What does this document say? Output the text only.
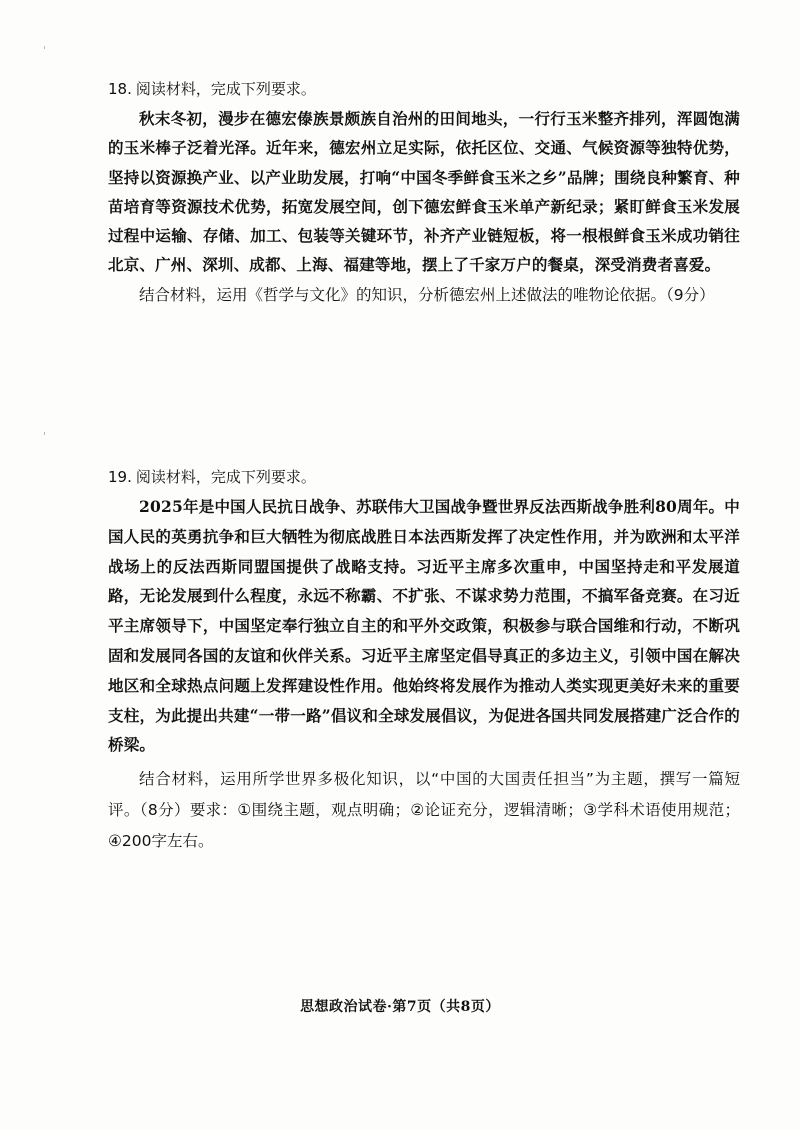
18. 阅读材料，完成下列要求。

秋末冬初，漫步在德宏傣族景颇族自治州的田间地头，一行行玉米整齐排列，浑圆饱满的玉米棒子泛着光泽。近年来，德宏州立足实际，依托区位、交通、气候资源等独特优势，坚持以资源换产业、以产业助发展，打响“中国冬季鲜食玉米之乡”品牌；围绕良种繁育、种苗培育等资源技术优势，拓宽发展空间，创下德宏鲜食玉米单产新纪录；紧盯鲜食玉米发展过程中运输、存储、加工、包装等关键环节，补齐产业链短板，将一根根鲜食玉米成功销往北京、广州、深圳、成都、上海、福建等地，摆上了千家万户的餐桌，深受消费者喜爱。

结合材料，运用《哲学与文化》的知识，分析德宏州上述做法的唯物论依据。（9分）

19. 阅读材料，完成下列要求。

2025年是中国人民抗日战争、苏联伟大卫国战争暨世界反法西斯战争胜利80周年。中国人民的英勇抗争和巨大牺牲为彻底战胜日本法西斯发挥了决定性作用，并为欧洲和太平洋战场上的反法西斯同盟国提供了战略支持。习近平主席多次重申，中国坚持走和平发展道路，无论发展到什么程度，永远不称霸、不扩张、不谋求势力范围，不搞军备竞赛。在习近平主席领导下，中国坚定奉行独立自主的和平外交政策，积极参与联合国维和行动，不断巩固和发展同各国的友谊和伙伴关系。习近平主席坚定倡导真正的多边主义，引领中国在解决地区和全球热点问题上发挥建设性作用。他始终将发展作为推动人类实现更美好未来的重要支柱，为此提出共建“一带一路”倡议和全球发展倡议，为促进各国共同发展搭建广泛合作的桥梁。

结合材料，运用所学世界多极化知识，以“中国的大国责任担当”为主题，撰写一篇短评。（8分）要求：①围绕主题，观点明确；②论证充分，逻辑清晰；③学科术语使用规范；④200字左右。

思想政治试卷·第7页（共8页）
